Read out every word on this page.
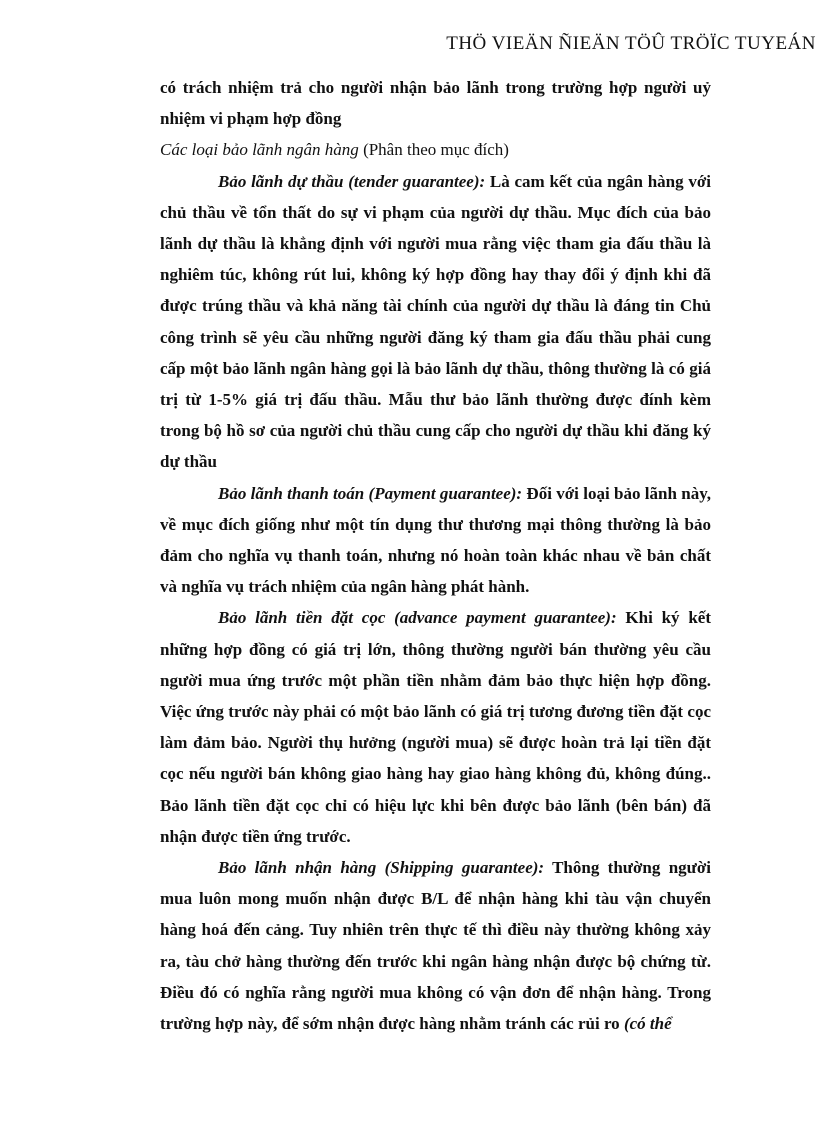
THÖ VIEÄN ÑIEÄN TÖÛ TRÖÏC TUYEÁN

có trách nhiệm trả cho người nhận bảo lãnh trong trường hợp người uỷ nhiệm vi phạm hợp đồng

Các loại bảo lãnh ngân hàng (Phân theo mục đích)

Bảo lãnh dự thầu (tender guarantee): Là cam kết của ngân hàng với chủ thầu về tổn thất do sự vi phạm của người dự thầu. Mục đích của bảo lãnh dự thầu là khẳng định với người mua rằng việc tham gia đấu thầu là nghiêm túc, không rút lui, không ký hợp đồng hay thay đổi ý định khi đã được trúng thầu và khả năng tài chính của người dự thầu là đáng tin Chủ công trình sẽ yêu cầu những người đăng ký tham gia đấu thầu phải cung cấp một bảo lãnh ngân hàng gọi là bảo lãnh dự thầu, thông thường là có giá trị từ 1-5% giá trị đấu thầu. Mẫu thư bảo lãnh thường được đính kèm trong bộ hồ sơ của người chủ thầu cung cấp cho người dự thầu khi đăng ký dự thầu

Bảo lãnh thanh toán (Payment guarantee): Đối với loại bảo lãnh này, về mục đích giống như một tín dụng thư thương mại thông thường là bảo đảm cho nghĩa vụ thanh toán, nhưng nó hoàn toàn khác nhau về bản chất và nghĩa vụ trách nhiệm của ngân hàng phát hành.

Bảo lãnh tiền đặt cọc (advance payment guarantee): Khi ký kết những hợp đồng có giá trị lớn, thông thường người bán thường yêu cầu người mua ứng trước một phần tiền nhằm đảm bảo thực hiện hợp đồng. Việc ứng trước này phải có một bảo lãnh có giá trị tương đương tiền đặt cọc làm đảm bảo. Người thụ hưởng (người mua) sẽ được hoàn trả lại tiền đặt cọc nếu người bán không giao hàng hay giao hàng không đủ, không đúng.. Bảo lãnh tiền đặt cọc chỉ có hiệu lực khi bên được bảo lãnh (bên bán) đã nhận được tiền ứng trước.

Bảo lãnh nhận hàng (Shipping guarantee): Thông thường người mua luôn mong muốn nhận được B/L để nhận hàng khi tàu vận chuyển hàng hoá đến cảng. Tuy nhiên trên thực tế thì điều này thường không xảy ra, tàu chở hàng thường đến trước khi ngân hàng nhận được bộ chứng từ. Điều đó có nghĩa rằng người mua không có vận đơn để nhận hàng. Trong trường hợp này, để sớm nhận được hàng nhằm tránh các rủi ro (có thể
